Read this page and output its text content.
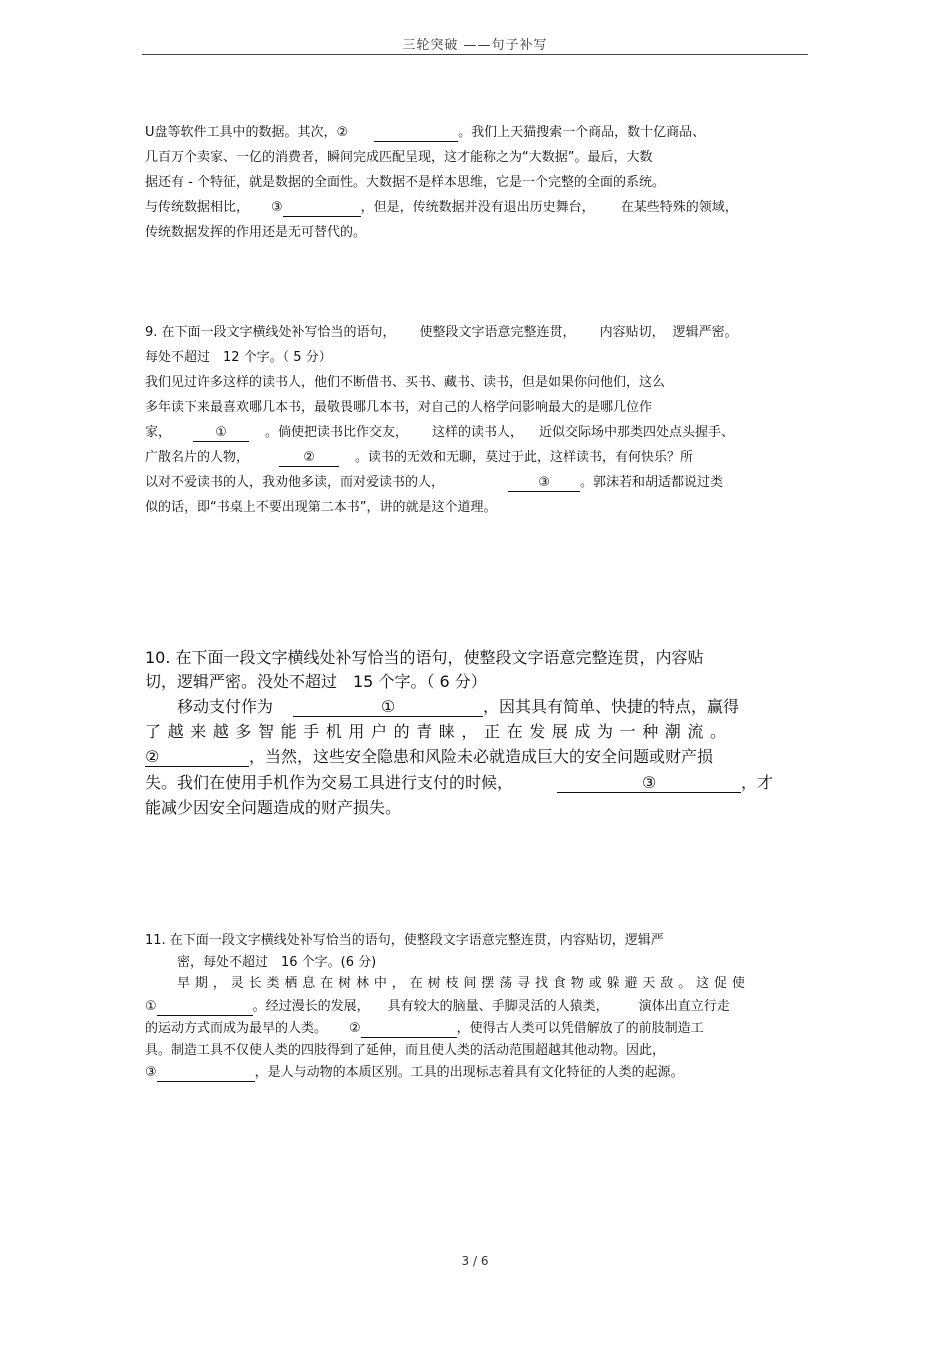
三轮突破 ——句子补写
U盘等软件工具中的数据。其次，②	。我们上天猫搜索一个商品，数十亿商品、
几百万个卖家、一亿的消费者，瞬间完成匹配呈现，这才能称之为“大数据”。最后，大数
据还有 - 个特征，就是数据的全面性。大数据不是样本思维，它是一个完整的全面的系统。
与传统数据相比， ③	，但是，传统数据并没有退出历史舞台， 在某些特殊的领域，
传统数据发挥的作用还是无可替代的。
9. 在下面一段文字横线处补写恰当的语句， 使整段文字语意完整连贯， 内容贴切， 逻辑严密。
每处不超过　12 个字。（ 5 分）
我们见过许多这样的读书人，他们不断借书、买书、藏书、读书，但是如果你问他们，这么
多年读下来最喜欢哪几本书，最敬畏哪几本书，对自己的人格学问影响最大的是哪几位作
家，	①	。倘使把读书比作交友， 这样的读书人， 近似交际场中那类四处点头握手、
广散名片的人物，	②	。读书的无效和无聊，莫过于此，这样读书，有何快乐？所
以对不爱读书的人，我劝他多读，而对爱读书的人，	③ 。郭沫若和胡适都说过类
似的话，即“书桌上不要出现第二本书”，讲的就是这个道理。
10. 在下面一段文字横线处补写恰当的语句，使整段文字语意完整连贯，内容贴
切，逻辑严密。没处不超过　15 个字。（ 6 分）
移动支付作为	①	，因其具有简单、快捷的特点，赢得
了越来越多智能手机用户的青睐，正在发展成为一种潮流。
②	，当然，这些安全隐患和风险未必就造成巨大的安全问题或财产损
失。我们在使用手机作为交易工具进行支付的时候，	③	，才
能减少因安全问题造成的财产损失。
11. 在下面一段文字横线处补写恰当的语句，使整段文字语意完整连贯，内容贴切，逻辑严
密，每处不超过　16 个字。(6 分)
早期，灵长类栖息在树林中，在树枝间摆荡寻找食物或躲避天敌。这促使
①	。经过漫长的发展， 具有较大的脑量、手脚灵活的人猿类， 演体出直立行走
的运动方式而成为最早的人类。 ②	，使得古人类可以凭借解放了的前肢制造工
具。制造工具不仅使人类的四肢得到了延伸，而且使人类的活动范围超越其他动物。因此，
③	，是人与动物的本质区别。工具的出现标志着具有文化特征的人类的起源。
3 / 6
